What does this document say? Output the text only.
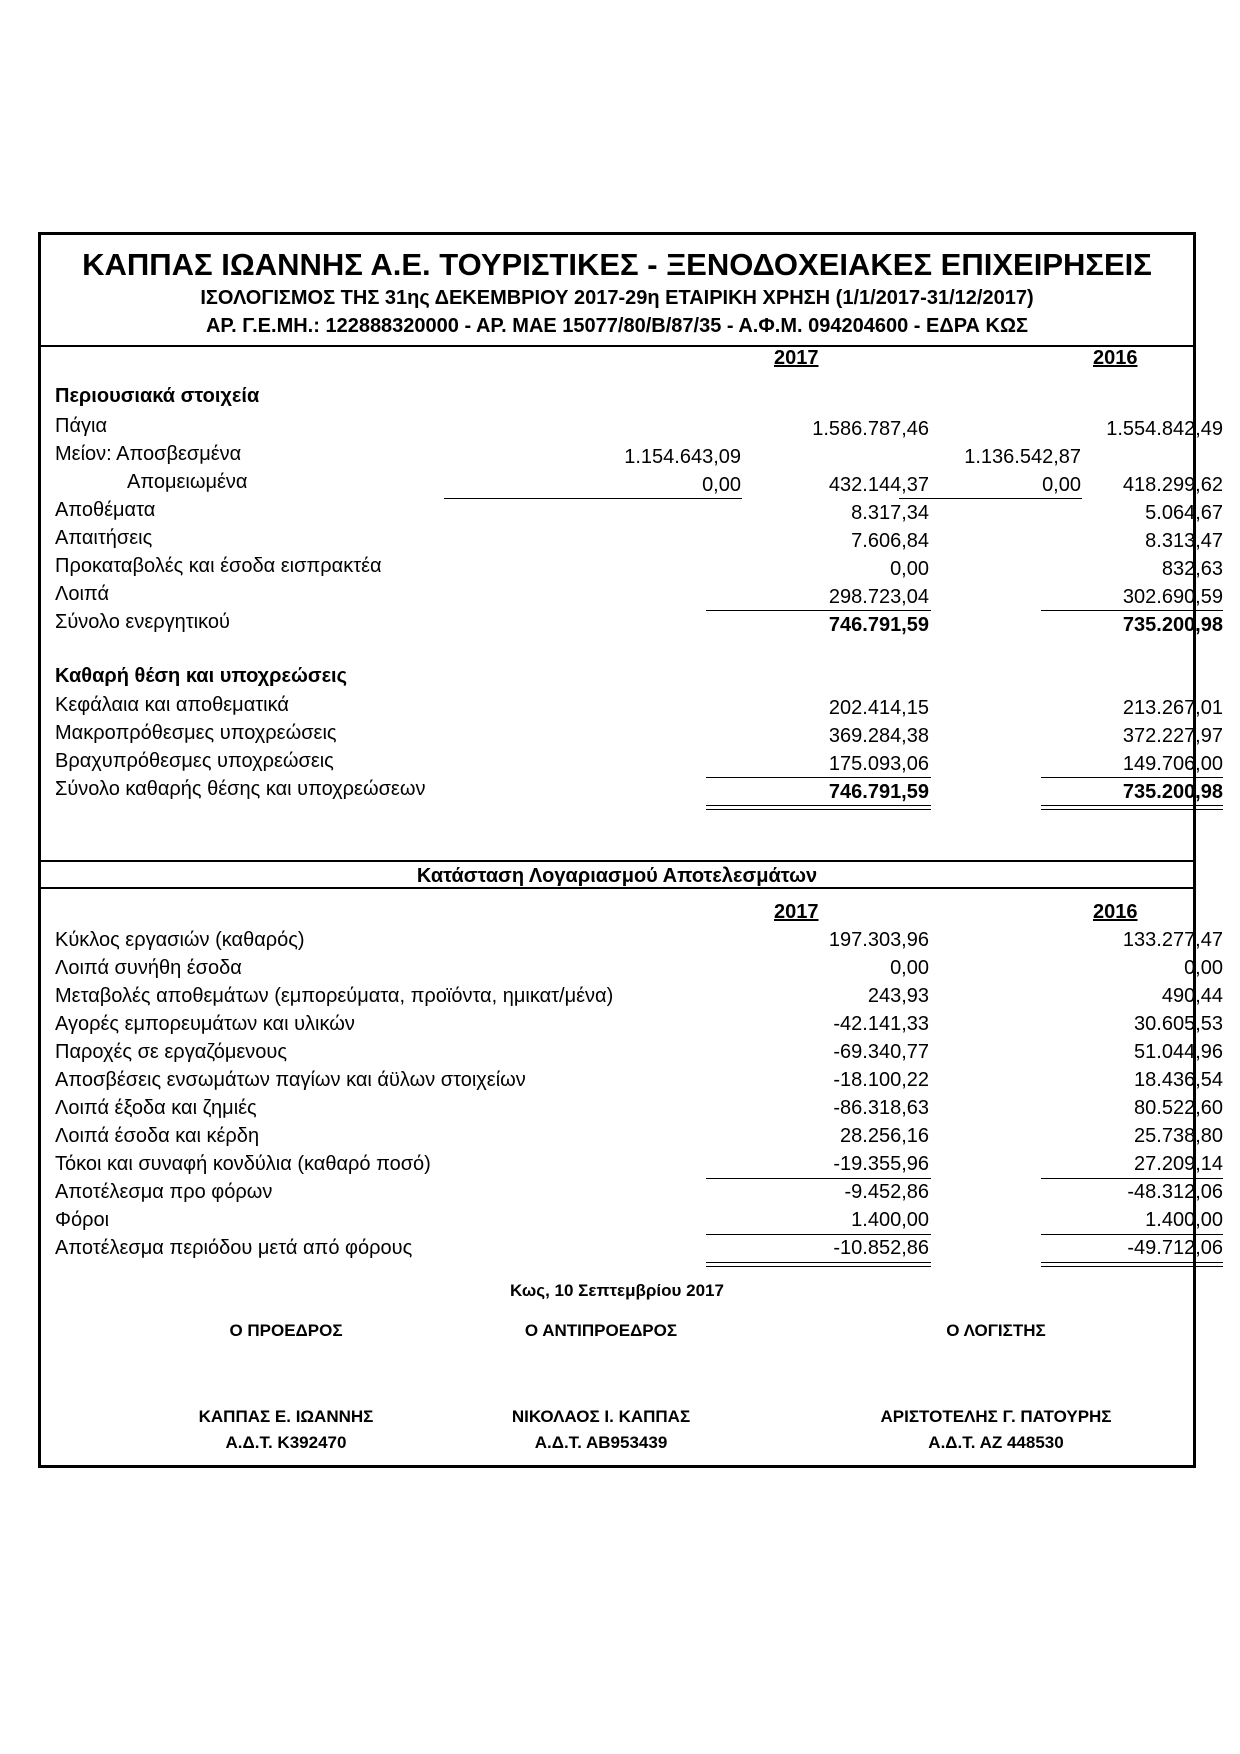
ΚΑΠΠΑΣ ΙΩΑΝΝΗΣ Α.Ε. ΤΟΥΡΙΣΤΙΚΕΣ - ΞΕΝΟΔΟΧΕΙΑΚΕΣ ΕΠΙΧΕΙΡΗΣΕΙΣ
ΙΣΟΛΟΓΙΣΜΟΣ ΤΗΣ 31ης ΔΕΚΕΜΒΡΙΟΥ 2017-29η ΕΤΑΙΡΙΚΗ ΧΡΗΣΗ (1/1/2017-31/12/2017)
ΑΡ. Γ.Ε.ΜΗ.: 122888320000 - ΑΡ. ΜΑΕ 15077/80/Β/87/35 - Α.Φ.Μ. 094204600 - ΕΔΡΑ ΚΩΣ
2017	2016
Περιουσιακά στοιχεία
Πάγια	1.586.787,46	1.554.842,49
Μείον: Αποσβεσμένα	1.154.643,09	1.136.542,87
Απομειωμένα	0,00	432.144,37	0,00	418.299,62
Αποθέματα	8.317,34	5.064,67
Απαιτήσεις	7.606,84	8.313,47
Προκαταβολές και έσοδα εισπρακτέα	0,00	832,63
Λοιπά	298.723,04	302.690,59
Σύνολο ενεργητικού	746.791,59	735.200,98
Καθαρή θέση και υποχρεώσεις
Κεφάλαια και αποθεματικά	202.414,15	213.267,01
Μακροπρόθεσμες υποχρεώσεις	369.284,38	372.227,97
Βραχυπρόθεσμες υποχρεώσεις	175.093,06	149.706,00
Σύνολο καθαρής θέσης και υποχρεώσεων	746.791,59	735.200,98
Κατάσταση Λογαριασμού Αποτελεσμάτων
2017	2016
Κύκλος εργασιών (καθαρός)	197.303,96	133.277,47
Λοιπά συνήθη έσοδα	0,00	0,00
Μεταβολές αποθεμάτων (εμπορεύματα, προϊόντα, ημικατ/μένα)	243,93	490,44
Αγορές εμπορευμάτων και υλικών	-42.141,33	30.605,53
Παροχές σε εργαζόμενους	-69.340,77	51.044,96
Αποσβέσεις ενσωμάτων παγίων και άϋλων στοιχείων	-18.100,22	18.436,54
Λοιπά έξοδα και ζημιές	-86.318,63	80.522,60
Λοιπά έσοδα και κέρδη	28.256,16	25.738,80
Τόκοι και συναφή κονδύλια (καθαρό ποσό)	-19.355,96	27.209,14
Αποτέλεσμα προ φόρων	-9.452,86	-48.312,06
Φόροι	1.400,00	1.400,00
Αποτέλεσμα περιόδου μετά από φόρους	-10.852,86	-49.712,06
Κως, 10 Σεπτεμβρίου 2017
Ο ΠΡΟΕΔΡΟΣ	Ο ΑΝΤΙΠΡΟΕΔΡΟΣ	Ο ΛΟΓΙΣΤΗΣ
ΚΑΠΠΑΣ Ε. ΙΩΑΝΝΗΣ	ΝΙΚΟΛΑΟΣ Ι. ΚΑΠΠΑΣ	ΑΡΙΣΤΟΤΕΛΗΣ Γ. ΠΑΤΟΥΡΗΣ
Α.Δ.Τ. Κ392470	Α.Δ.Τ. ΑΒ953439	Α.Δ.Τ. ΑΖ 448530
